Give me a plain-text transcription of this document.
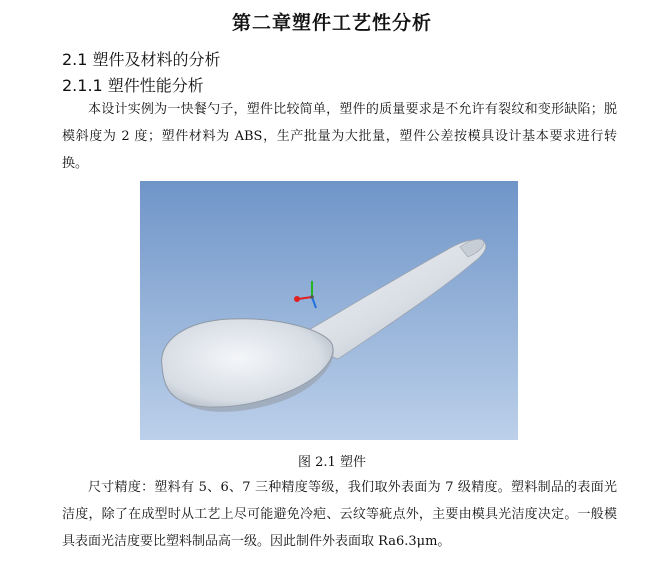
第二章塑件工艺性分析
2.1 塑件及材料的分析
2.1.1 塑件性能分析
本设计实例为一快餐勺子，塑件比较简单，塑件的质量要求是不允许有裂纹和变形缺陷；脱模斜度为 2 度；塑件材料为 ABS，生产批量为大批量，塑件公差按模具设计基本要求进行转换。
图 2.1 塑件
尺寸精度：塑料有 5、6、7 三种精度等级，我们取外表面为 7 级精度。塑料制品的表面光洁度，除了在成型时从工艺上尽可能避免冷疤、云纹等疵点外，主要由模具光洁度决定。一般模具表面光洁度要比塑料制品高一级。因此制件外表面取 Ra6.3μm。
